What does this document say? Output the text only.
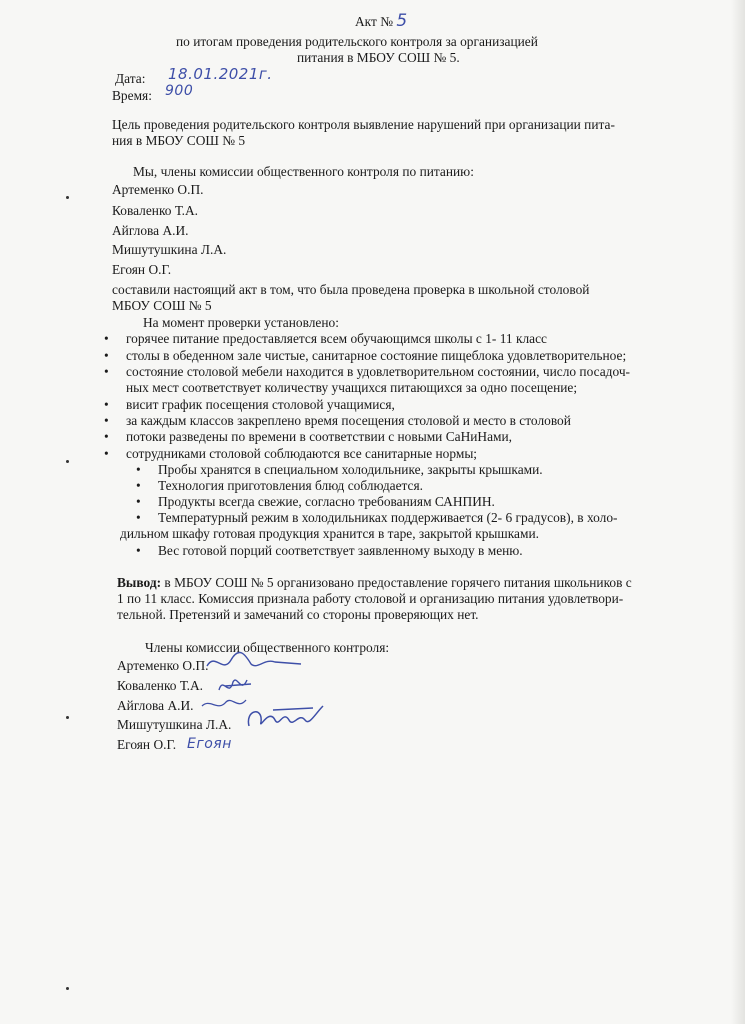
Акт № 5
по итогам проведения родительского контроля за организацией
питания в МБОУ СОШ № 5.
Дата: 18.01.2021г.
Время: 900
Цель проведения родительского контроля выявление нарушений при организации пита-
ния в МБОУ СОШ № 5
Мы, члены комиссии общественного контроля по питанию:
Артеменко О.П.
Коваленко Т.А.
Айглова А.И.
Мишутушкина Л.А.
Егоян О.Г.
составили настоящий акт в том, что была проведена проверка в школьной столовой
МБОУ СОШ № 5
На момент проверки установлено:
• горячее питание предоставляется всем обучающимся школы с 1- 11 класс
• столы в обеденном зале чистые, санитарное состояние пищеблока удовлетворительное;
• состояние столовой мебели находится в удовлетворительном состоянии, число посадоч-
ных мест соответствует количеству учащихся питающихся за одно посещение;
• висит график посещения столовой учащимися,
• за каждым классов закреплено время посещения столовой и место в столовой
• потоки разведены по времени в соответствии с новыми СаНиНами,
• сотрудниками столовой соблюдаются все санитарные нормы;
• Пробы хранятся в специальном холодильнике, закрыты крышками.
• Технология приготовления блюд соблюдается.
• Продукты всегда свежие, согласно требованиям САНПИН.
• Температурный режим в холодильниках поддерживается (2- 6 градусов), в холо-
дильном шкафу готовая продукция хранится в таре, закрытой крышками.
• Вес готовой порций соответствует заявленному выходу в меню.
Вывод: в МБОУ СОШ № 5 организовано предоставление горячего питания школьников с
1 по 11 класс. Комиссия признала работу столовой и организацию питания удовлетвори-
тельной. Претензий и замечаний со стороны проверяющих нет.
Члены комиссии общественного контроля:
Артеменко О.П.
Коваленко Т.А.
Айглова А.И.
Мишутушкина Л.А.
Егоян О.Г. Егоян
